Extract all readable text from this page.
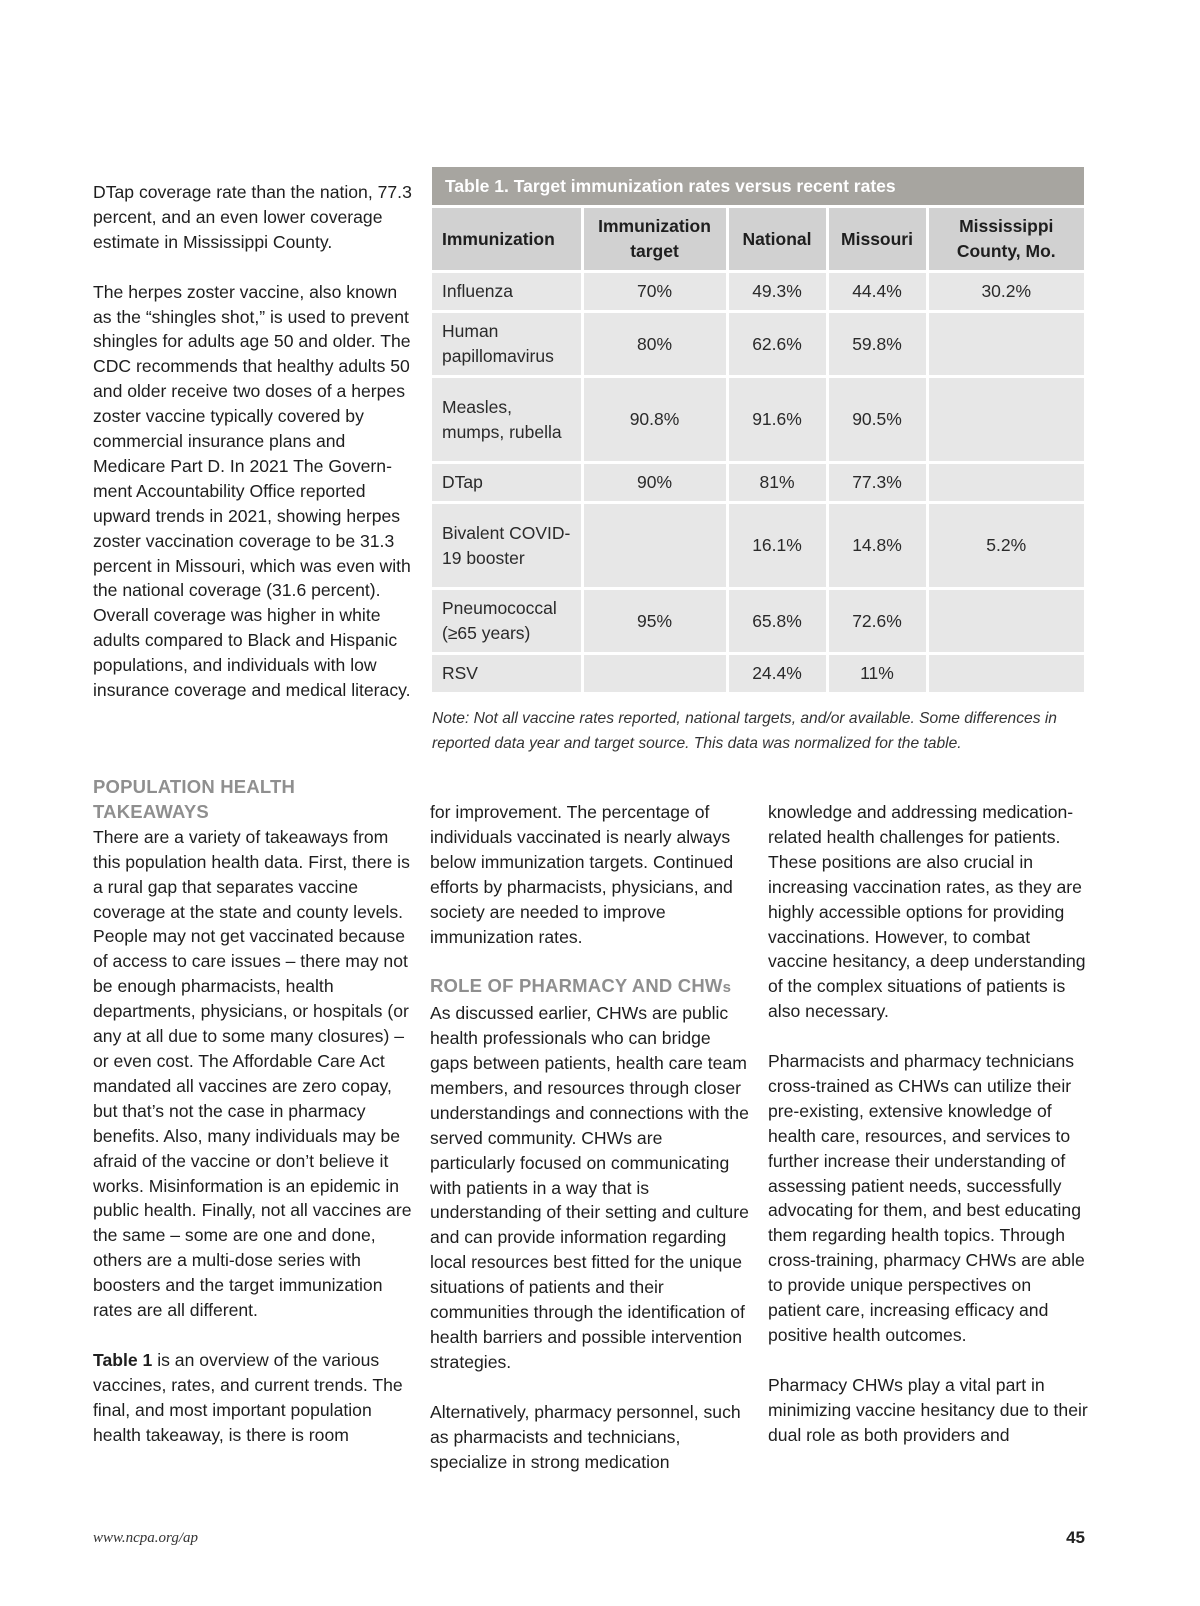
DTap coverage rate than the nation, 77.3 percent, and an even lower coverage estimate in Mississippi County.

The herpes zoster vaccine, also known as the “shingles shot,” is used to prevent shingles for adults age 50 and older. The CDC recommends that healthy adults 50 and older receive two doses of a herpes zoster vaccine typically covered by commercial insurance plans and Medicare Part D. In 2021 The Government Accountability Office reported upward trends in 2021, showing herpes zoster vaccination coverage to be 31.3 percent in Missouri, which was even with the national coverage (31.6 percent). Overall coverage was higher in white adults compared to Black and Hispanic populations, and individuals with low insurance coverage and medical literacy.

Table 1. Target immunization rates versus recent rates
Immunization	Immunization target	National	Missouri	Mississippi County, Mo.
Influenza	70%	49.3%	44.4%	30.2%
Human papillomavirus	80%	62.6%	59.8%	
Measles, mumps, rubella	90.8%	91.6%	90.5%	
DTap	90%	81%	77.3%	
Bivalent COVID-19 booster		16.1%	14.8%	5.2%
Pneumococcal (≥65 years)	95%	65.8%	72.6%	
RSV		24.4%	11%	
Note: Not all vaccine rates reported, national targets, and/or available. Some differences in reported data year and target source. This data was normalized for the table.
POPULATION HEALTH TAKEAWAYS

There are a variety of takeaways from this population health data. First, there is a rural gap that separates vaccine coverage at the state and county levels. People may not get vaccinated because of access to care issues – there may not be enough pharmacists, health departments, physicians, or hospitals (or any at all due to some many closures) – or even cost. The Affordable Care Act mandated all vaccines are zero copay, but that’s not the case in pharmacy benefits. Also, many individuals may be afraid of the vaccine or don’t believe it works. Misinformation is an epidemic in public health. Finally, not all vaccines are the same – some are one and done, others are a multi-dose series with boosters and the target immunization rates are all different.

Table 1 is an overview of the various vaccines, rates, and current trends. The final, and most important population health takeaway, is there is room

for improvement. The percentage of individuals vaccinated is nearly always below immunization targets. Continued efforts by pharmacists, physicians, and society are needed to improve immunization rates.

ROLE OF PHARMACY AND CHWs

As discussed earlier, CHWs are public health professionals who can bridge gaps between patients, health care team members, and resources through closer understandings and connections with the served community. CHWs are particularly focused on communicating with patients in a way that is understanding of their setting and culture and can provide information regarding local resources best fitted for the unique situations of patients and their communities through the identification of health barriers and possible intervention strategies.

Alternatively, pharmacy personnel, such as pharmacists and technicians, specialize in strong medication

knowledge and addressing medication-related health challenges for patients. These positions are also crucial in increasing vaccination rates, as they are highly accessible options for providing vaccinations. However, to combat vaccine hesitancy, a deep understanding of the complex situations of patients is also necessary.

Pharmacists and pharmacy technicians cross-trained as CHWs can utilize their pre-existing, extensive knowledge of health care, resources, and services to further increase their understanding of assessing patient needs, successfully advocating for them, and best educating them regarding health topics. Through cross-training, pharmacy CHWs are able to provide unique perspectives on patient care, increasing efficacy and positive health outcomes.

Pharmacy CHWs play a vital part in minimizing vaccine hesitancy due to their dual role as both providers and

www.ncpa.org/ap	45
